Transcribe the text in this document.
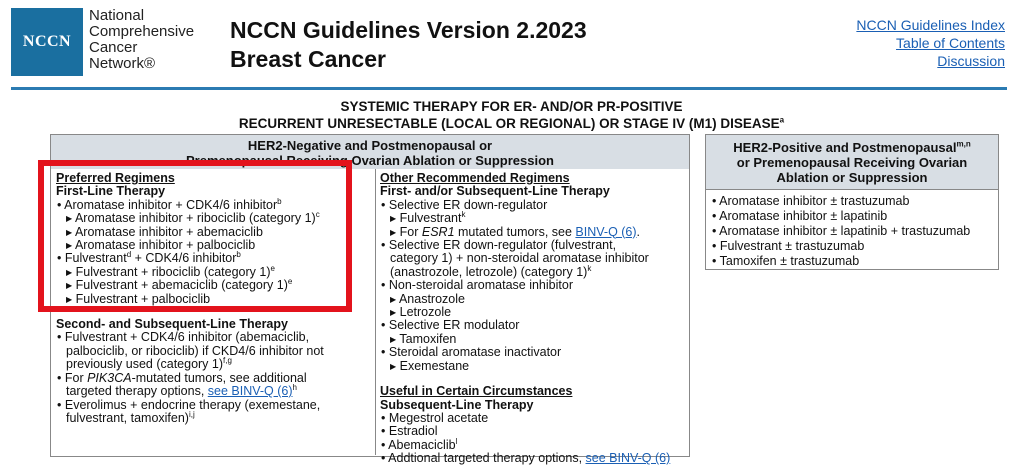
NCCN
National
Comprehensive
Cancer
Network®
NCCN Guidelines Version 2.2023
Breast Cancer
NCCN Guidelines Index
Table of Contents
Discussion
SYSTEMIC THERAPY FOR ER- AND/OR PR-POSITIVE
RECURRENT UNRESECTABLE (LOCAL OR REGIONAL) OR STAGE IV (M1) DISEASE$^a$
HER2-Negative and Postmenopausal or
Premenopausal Receiving Ovarian Ablation or Suppression
Preferred Regimens
First-Line Therapy
• Aromatase inhibitor + CDK4/6 inhibitor$^b$
▶ Aromatase inhibitor + ribociclib (category 1)$^c$
▶ Aromatase inhibitor + abemaciclib
▶ Aromatase inhibitor + palbociclib
• Fulvestrant$^d$ + CDK4/6 inhibitor$^b$
▶ Fulvestrant + ribociclib (category 1)$^e$
▶ Fulvestrant + abemaciclib (category 1)$^e$
▶ Fulvestrant + palbociclib
Second- and Subsequent-Line Therapy
• Fulvestrant + CDK4/6 inhibitor (abemaciclib,
palbociclib, or ribociclib) if CKD4/6 inhibitor not
previously used (category 1)$^{f,g}$
• For PIK3CA-mutated tumors, see additional
targeted therapy options, see BINV-Q $(6)^h$
• Everolimus + endocrine therapy (exemestane,
fulvestrant, tamoxifen)$^{i,j}$
Other Recommended Regimens
First- and/or Subsequent-Line Therapy
• Selective ER down-regulator
▶ Fulvestrant$^k$
▶ For ESR1 mutated tumors, see BINV-Q (6).
• Selective ER down-regulator (fulvestrant,
category 1) + non-steroidal aromatase inhibitor
(anastrozole, letrozole) (category 1)$^k$
• Non-steroidal aromatase inhibitor
▶ Anastrozole
▶ Letrozole
• Selective ER modulator
▶ Tamoxifen
• Steroidal aromatase inactivator
▶ Exemestane
Useful in Certain Circumstances
Subsequent-Line Therapy
• Megestrol acetate
• Estradiol
• Abemaciclib$^l$
• Addtional targeted therapy options, see BINV-Q (6)
HER2-Positive and Postmenopausal$^{m,n}$
or Premenopausal Receiving Ovarian
Ablation or Suppression
• Aromatase inhibitor ± trastuzumab
• Aromatase inhibitor ± lapatinib
• Aromatase inhibitor ± lapatinib + trastuzumab
• Fulvestrant ± trastuzumab
• Tamoxifen ± trastuzumab
